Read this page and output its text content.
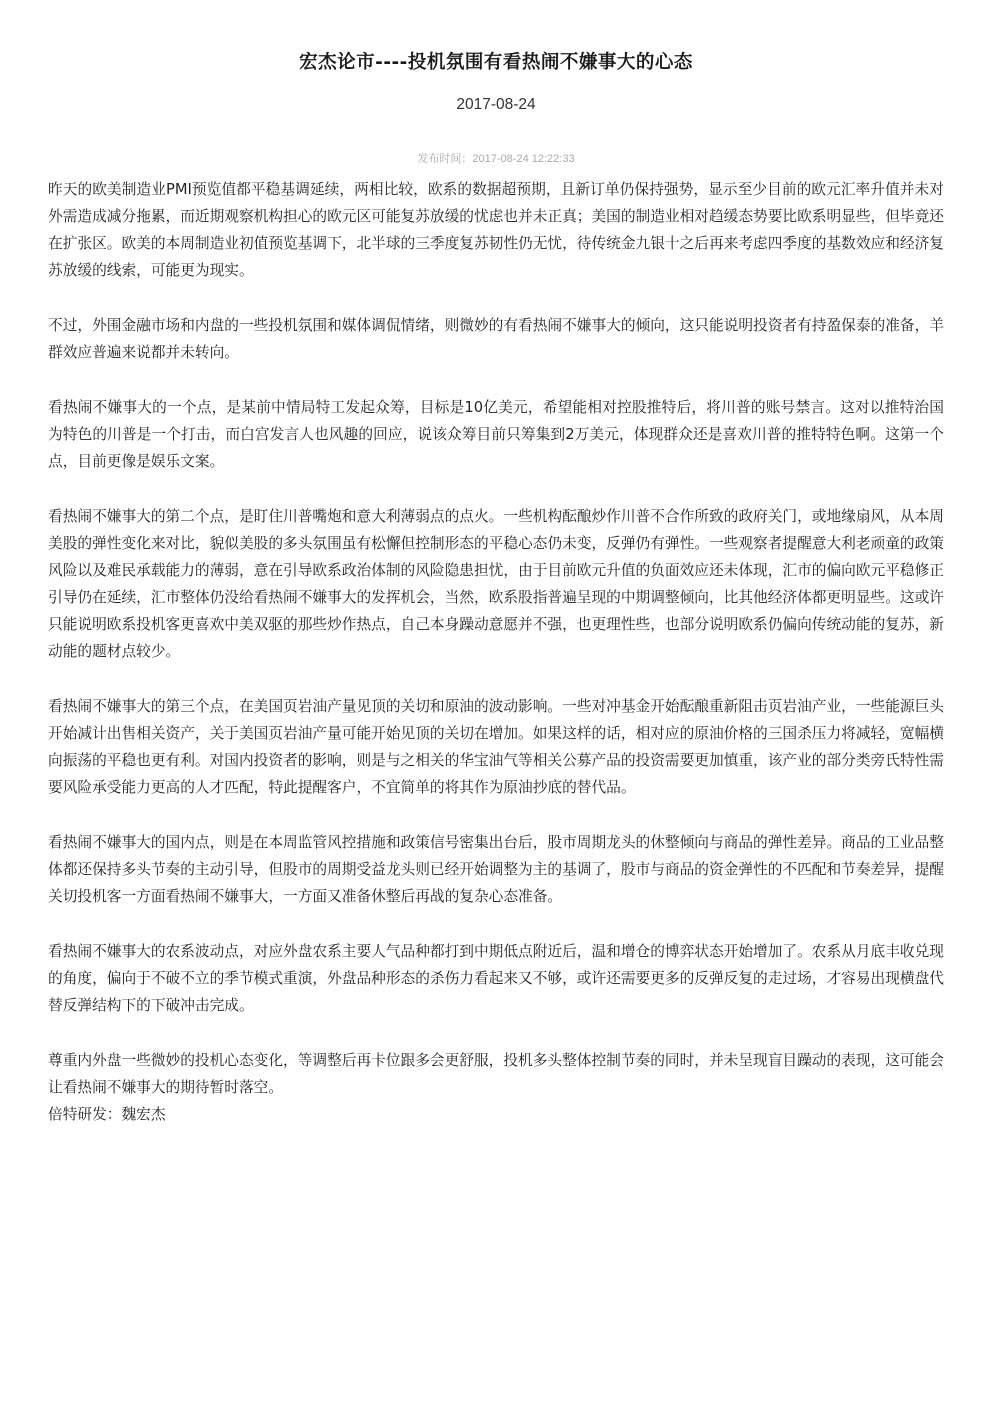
宏杰论市----投机氛围有看热闹不嫌事大的心态
2017-08-24
发布时间：2017-08-24 12:22:33

昨天的欧美制造业PMI预览值都平稳基调延续，两相比较，欧系的数据超预期，且新订单仍保持强势，显示至少目前的欧元汇率升值并未对外需造成减分拖累，而近期观察机构担心的欧元区可能复苏放缓的忧虑也并未正真；美国的制造业相对趋缓态势要比欧系明显些，但毕竟还在扩张区。欧美的本周制造业初值预览基调下，北半球的三季度复苏韧性仍无忧，待传统金九银十之后再来考虑四季度的基数效应和经济复苏放缓的线索，可能更为现实。

不过，外围金融市场和内盘的一些投机氛围和媒体调侃情绪，则微妙的有看热闹不嫌事大的倾向，这只能说明投资者有持盈保泰的准备，羊群效应普遍来说都并未转向。

看热闹不嫌事大的一个点，是某前中情局特工发起众筹，目标是10亿美元，希望能相对控股推特后，将川普的账号禁言。这对以推特治国为特色的川普是一个打击，而白宫发言人也风趣的回应，说该众筹目前只筹集到2万美元，体现群众还是喜欢川普的推特特色啊。这第一个点，目前更像是娱乐文案。

看热闹不嫌事大的第二个点，是盯住川普嘴炮和意大利薄弱点的点火。一些机构酝酿炒作川普不合作所致的政府关门，或地缘扇风，从本周美股的弹性变化来对比，貌似美股的多头氛围虽有松懈但控制形态的平稳心态仍未变，反弹仍有弹性。一些观察者提醒意大利老顽童的政策风险以及难民承载能力的薄弱，意在引导欧系政治体制的风险隐患担忧，由于目前欧元升值的负面效应还未体现，汇市的偏向欧元平稳修正引导仍在延续，汇市整体仍没给看热闹不嫌事大的发挥机会，当然，欧系股指普遍呈现的中期调整倾向，比其他经济体都更明显些。这或许只能说明欧系投机客更喜欢中美双驱的那些炒作热点，自己本身躁动意愿并不强，也更理性些，也部分说明欧系仍偏向传统动能的复苏，新动能的题材点较少。

看热闹不嫌事大的第三个点，在美国页岩油产量见顶的关切和原油的波动影响。一些对冲基金开始酝酿重新阻击页岩油产业，一些能源巨头开始减计出售相关资产，关于美国页岩油产量可能开始见顶的关切在增加。如果这样的话，相对应的原油价格的三国杀压力将减轻，宽幅横向振荡的平稳也更有利。对国内投资者的影响，则是与之相关的华宝油气等相关公募产品的投资需要更加慎重，该产业的部分类旁氏特性需要风险承受能力更高的人才匹配，特此提醒客户，不宜简单的将其作为原油抄底的替代品。

看热闹不嫌事大的国内点，则是在本周监管风控措施和政策信号密集出台后，股市周期龙头的休整倾向与商品的弹性差异。商品的工业品整体都还保持多头节奏的主动引导，但股市的周期受益龙头则已经开始调整为主的基调了，股市与商品的资金弹性的不匹配和节奏差异，提醒关切投机客一方面看热闹不嫌事大，一方面又准备休整后再战的复杂心态准备。

看热闹不嫌事大的农系波动点，对应外盘农系主要人气品种都打到中期低点附近后，温和增仓的博弈状态开始增加了。农系从月底丰收兑现的角度，偏向于不破不立的季节模式重演，外盘品种形态的杀伤力看起来又不够，或许还需要更多的反弹反复的走过场，才容易出现横盘代替反弹结构下的下破冲击完成。

尊重内外盘一些微妙的投机心态变化，等调整后再卡位跟多会更舒服，投机多头整体控制节奏的同时，并未呈现盲目躁动的表现，这可能会让看热闹不嫌事大的期待暂时落空。

倍特研发：魏宏杰
